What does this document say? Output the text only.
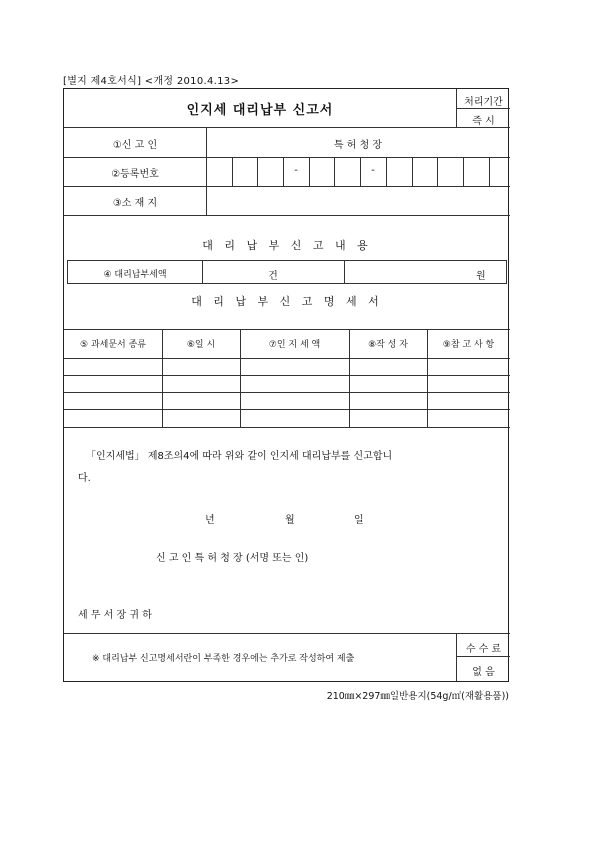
[별지 제4호서식] <개정 2010.4.13>
인지세 대리납부 신고서
처리기간
즉 시
①신 고 인	특 허 청 장
②등록번호	-	-
③소 재 지
대 리 납 부 신 고 내 용
④ 대리납부세액	건	원
대 리 납 부 신 고 명 세 서
⑤ 과세문서 종류	⑥일 시	⑦인 지 세 액	⑧작 성 자	⑨참 고 사 항
「인지세법」 제8조의4에 따라 위와 같이 인지세 대리납부를 신고합니
다.
년	월	일
신 고 인 특 허 청 장 (서명 또는 인)
세 무 서 장 귀 하
※ 대리납부 신고명세서란이 부족한 경우에는 추가로 작성하여 제출
수 수 료
없 음
210㎜×297㎜일반용지(54g/㎡(재활용품))
